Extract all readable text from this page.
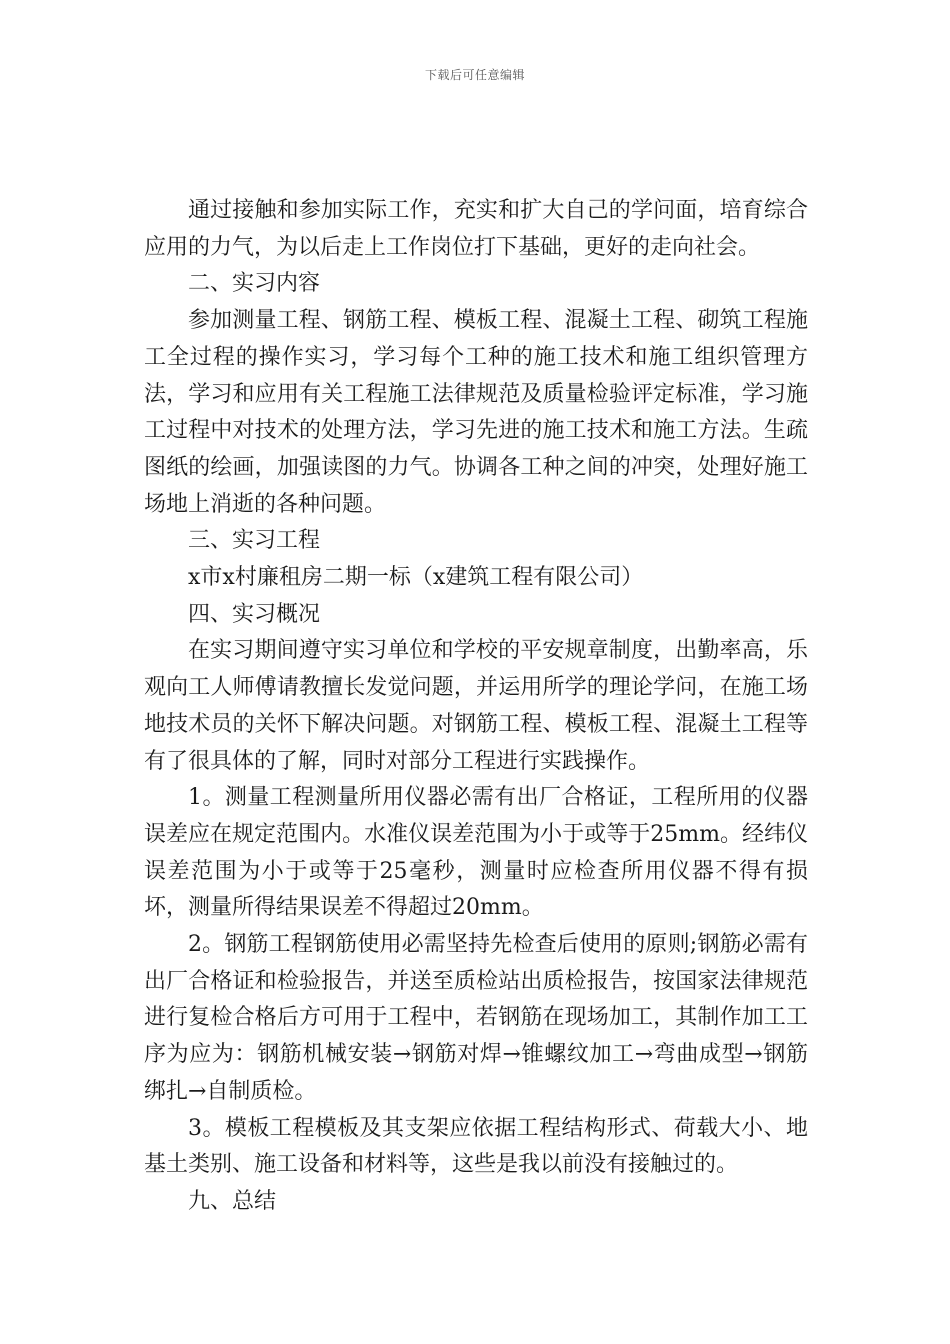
下载后可任意编辑

通过接触和参加实际工作，充实和扩大自己的学问面，培育综合应用的力气，为以后走上工作岗位打下基础，更好的走向社会。

二、实习内容

参加测量工程、钢筋工程、模板工程、混凝土工程、砌筑工程施工全过程的操作实习，学习每个工种的施工技术和施工组织管理方法，学习和应用有关工程施工法律规范及质量检验评定标准，学习施工过程中对技术的处理方法，学习先进的施工技术和施工方法。生疏图纸的绘画，加强读图的力气。协调各工种之间的冲突，处理好施工场地上消逝的各种问题。

三、实习工程

x市x村廉租房二期一标（x建筑工程有限公司）

四、实习概况

在实习期间遵守实习单位和学校的平安规章制度，出勤率高，乐观向工人师傅请教擅长发觉问题，并运用所学的理论学问，在施工场地技术员的关怀下解决问题。对钢筋工程、模板工程、混凝土工程等有了很具体的了解，同时对部分工程进行实践操作。

1。测量工程测量所用仪器必需有出厂合格证，工程所用的仪器误差应在规定范围内。水准仪误差范围为小于或等于25mm。经纬仪误差范围为小于或等于25毫秒，测量时应检查所用仪器不得有损坏，测量所得结果误差不得超过20mm。

2。钢筋工程钢筋使用必需坚持先检查后使用的原则;钢筋必需有出厂合格证和检验报告，并送至质检站出质检报告，按国家法律规范进行复检合格后方可用于工程中，若钢筋在现场加工，其制作加工工序为应为：钢筋机械安装→钢筋对焊→锥螺纹加工→弯曲成型→钢筋绑扎→自制质检。

3。模板工程模板及其支架应依据工程结构形式、荷载大小、地基土类别、施工设备和材料等，这些是我以前没有接触过的。

九、总结
